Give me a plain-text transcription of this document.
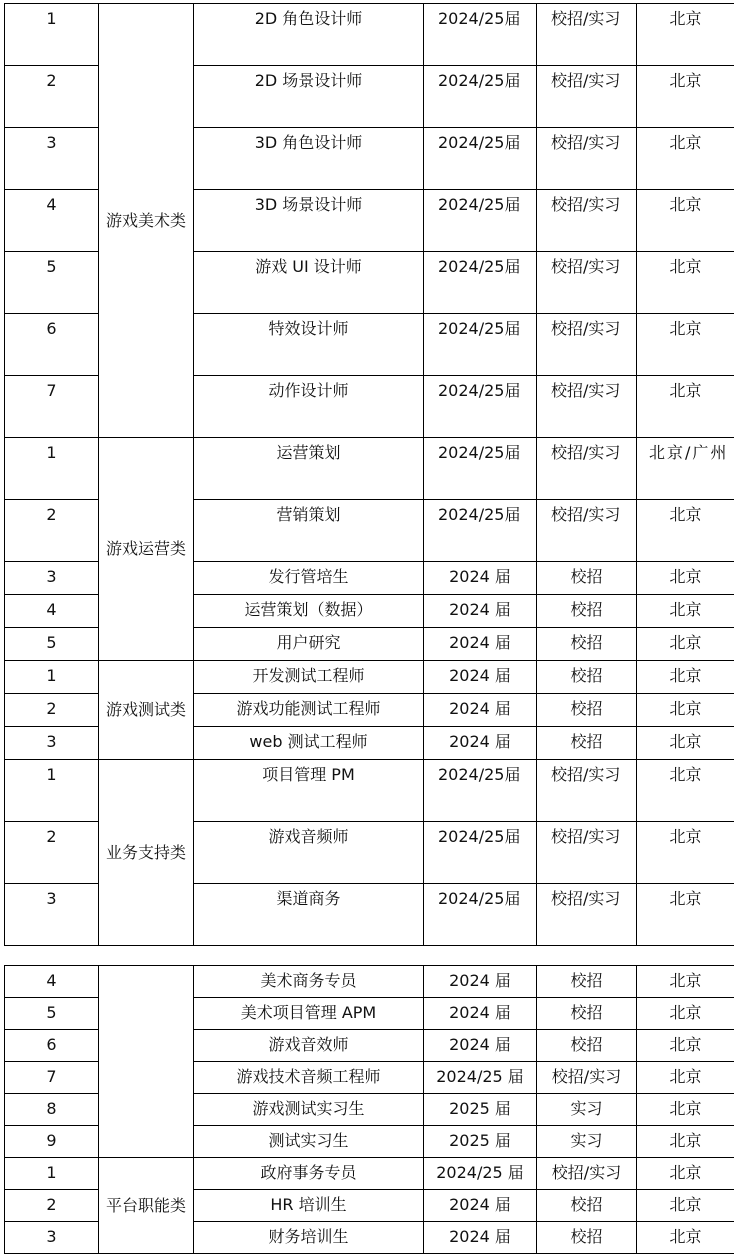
1	游戏美术类	2D 角色设计师	2024/25届	校招/实习	北京
2		2D 场景设计师	2024/25届	校招/实习	北京
3		3D 角色设计师	2024/25届	校招/实习	北京
4		3D 场景设计师	2024/25届	校招/实习	北京
5		游戏 UI 设计师	2024/25届	校招/实习	北京
6		特效设计师	2024/25届	校招/实习	北京
7		动作设计师	2024/25届	校招/实习	北京
1	游戏运营类	运营策划	2024/25届	校招/实习	北京/广州
2		营销策划	2024/25届	校招/实习	北京
3		发行管培生	2024 届	校招	北京
4		运营策划（数据）	2024 届	校招	北京
5		用户研究	2024 届	校招	北京
1	游戏测试类	开发测试工程师	2024 届	校招	北京
2		游戏功能测试工程师	2024 届	校招	北京
3		web 测试工程师	2024 届	校招	北京
1	业务支持类	项目管理 PM	2024/25届	校招/实习	北京
2		游戏音频师	2024/25届	校招/实习	北京
3		渠道商务	2024/25届	校招/实习	北京
4		美术商务专员	2024 届	校招	北京
5		美术项目管理 APM	2024 届	校招	北京
6		游戏音效师	2024 届	校招	北京
7		游戏技术音频工程师	2024/25 届	校招/实习	北京
8		游戏测试实习生	2025 届	实习	北京
9		测试实习生	2025 届	实习	北京
1	平台职能类	政府事务专员	2024/25 届	校招/实习	北京
2		HR 培训生	2024 届	校招	北京
3		财务培训生	2024 届	校招	北京
